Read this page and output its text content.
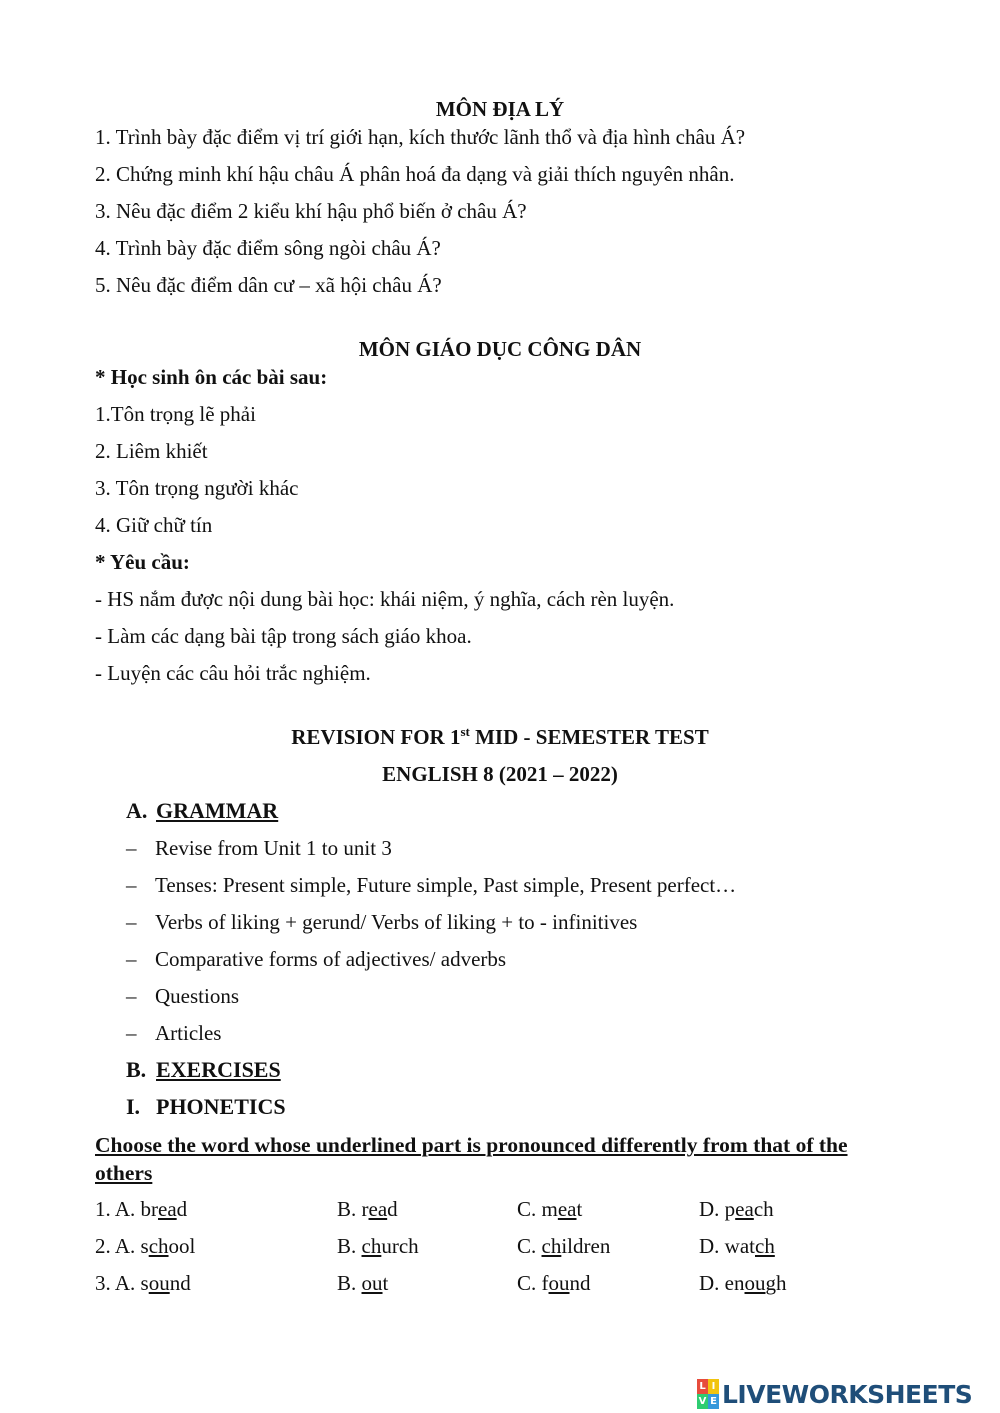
MÔN ĐỊA LÝ
1. Trình bày đặc điểm vị trí giới hạn, kích thước lãnh thổ và địa hình châu Á?
2. Chứng minh khí hậu châu Á phân hoá đa dạng và giải thích nguyên nhân.
3. Nêu đặc điểm 2 kiểu khí hậu phổ biến ở châu Á?
4. Trình bày đặc điểm sông ngòi châu Á?
5. Nêu đặc điểm dân cư – xã hội châu Á?
MÔN GIÁO DỤC CÔNG DÂN
* Học sinh ôn các bài sau:
1.Tôn trọng lẽ phải
2. Liêm khiết
3. Tôn trọng người khác
4. Giữ chữ tín
* Yêu cầu:
- HS nắm được nội dung bài học: khái niệm, ý nghĩa, cách rèn luyện.
- Làm các dạng bài tập trong sách giáo khoa.
- Luyện các câu hỏi trắc nghiệm.
REVISION FOR 1st MID - SEMESTER TEST
ENGLISH 8 (2021 – 2022)
A. GRAMMAR
– Revise from Unit 1 to unit 3
– Tenses: Present simple, Future simple, Past simple, Present perfect…
– Verbs of liking + gerund/ Verbs of liking + to - infinitives
– Comparative forms of adjectives/ adverbs
– Questions
– Articles
B. EXERCISES
I. PHONETICS
Choose the word whose underlined part is pronounced differently from that of the others
1. A. bread	B. read	C. meat	D. peach
2. A. school	B. church	C. children	D. watch
3. A. sound	B. out	C. found	D. enough
L I
V E LIVEWORKSHEETS
